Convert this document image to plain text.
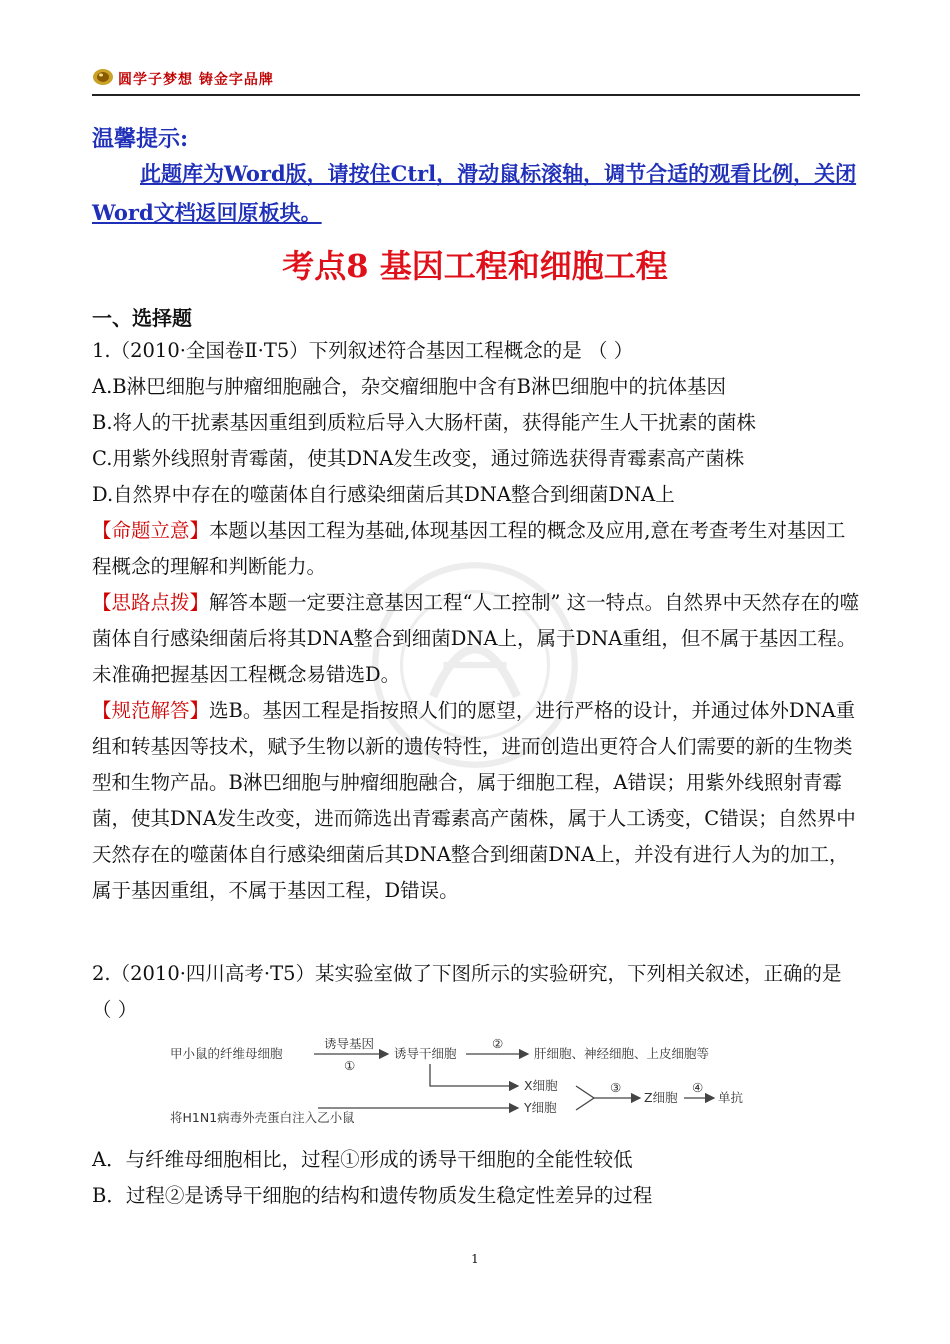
圆学子梦想 铸金字品牌
温馨提示:
此题库为Word版，请按住Ctrl，滑动鼠标滚轴，调节合适的观看比例，关闭Word文档返回原板块。
考点8 基因工程和细胞工程
一、选择题

1.（2010·全国卷Ⅱ·T5）下列叙述符合基因工程概念的是 （ ）

A.B淋巴细胞与肿瘤细胞融合，杂交瘤细胞中含有B淋巴细胞中的抗体基因

B.将人的干扰素基因重组到质粒后导入大肠杆菌，获得能产生人干扰素的菌株

C.用紫外线照射青霉菌，使其DNA发生改变，通过筛选获得青霉素高产菌株

D.自然界中存在的噬菌体自行感染细菌后其DNA整合到细菌DNA上

【命题立意】本题以基因工程为基础,体现基因工程的概念及应用,意在考查考生对基因工程概念的理解和判断能力。

【思路点拨】解答本题一定要注意基因工程“人工控制” 这一特点。自然界中天然存在的噬菌体自行感染细菌后将其DNA整合到细菌DNA上，属于DNA重组，但不属于基因工程。未准确把握基因工程概念易错选D。

【规范解答】选B。基因工程是指按照人们的愿望，进行严格的设计，并通过体外DNA重组和转基因等技术，赋予生物以新的遗传特性，进而创造出更符合人们需要的新的生物类型和生物产品。B淋巴细胞与肿瘤细胞融合，属于细胞工程，A错误；用紫外线照射青霉菌，使其DNA发生改变，进而筛选出青霉素高产菌株，属于人工诱变，C错误；自然界中天然存在的噬菌体自行感染细菌后其DNA整合到细菌DNA上，并没有进行人为的加工，属于基因重组，不属于基因工程，D错误。

2.（2010·四川高考·T5）某实验室做了下图所示的实验研究，下列相关叙述，正确的是 （ ）
甲小鼠的纤维母细胞
诱导基因
①
诱导干细胞
②
肝细胞、神经细胞、上皮细胞等
X细胞
将H1N1病毒外壳蛋白注入乙小鼠
Y细胞
③
Z细胞
④
单抗

A．与纤维母细胞相比，过程①形成的诱导干细胞的全能性较低

B．过程②是诱导干细胞的结构和遗传物质发生稳定性差异的过程

1
